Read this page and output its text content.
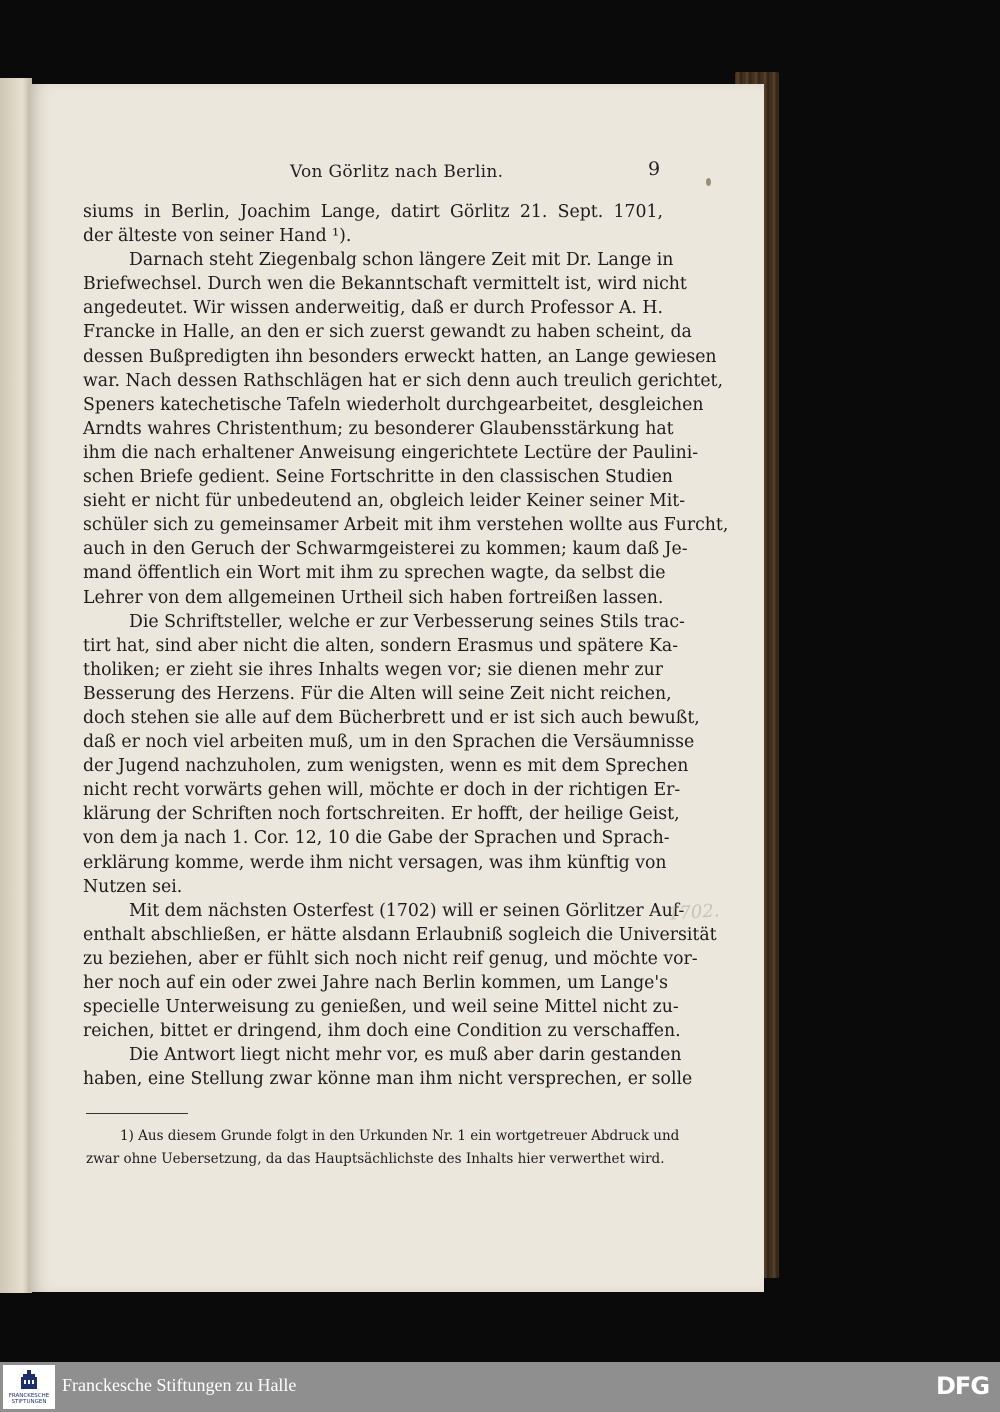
Von Görlitz nach Berlin.	9
siums in Berlin, Joachim Lange, datirt Görlitz 21. Sept. 1701,
der älteste von seiner Hand ¹).
Darnach steht Ziegenbalg schon längere Zeit mit Dr. Lange in
Briefwechsel. Durch wen die Bekanntschaft vermittelt ist, wird nicht
angedeutet. Wir wissen anderweitig, daß er durch Professor A. H.
Francke in Halle, an den er sich zuerst gewandt zu haben scheint, da
dessen Bußpredigten ihn besonders erweckt hatten, an Lange gewiesen
war. Nach dessen Rathschlägen hat er sich denn auch treulich gerichtet,
Speners katechetische Tafeln wiederholt durchgearbeitet, desgleichen
Arndts wahres Christenthum; zu besonderer Glaubensstärkung hat
ihm die nach erhaltener Anweisung eingerichtete Lectüre der Paulini-
schen Briefe gedient. Seine Fortschritte in den classischen Studien
sieht er nicht für unbedeutend an, obgleich leider Keiner seiner Mit-
schüler sich zu gemeinsamer Arbeit mit ihm verstehen wollte aus Furcht,
auch in den Geruch der Schwarmgeisterei zu kommen; kaum daß Je-
mand öffentlich ein Wort mit ihm zu sprechen wagte, da selbst die
Lehrer von dem allgemeinen Urtheil sich haben fortreißen lassen.
Die Schriftsteller, welche er zur Verbesserung seines Stils trac-
tirt hat, sind aber nicht die alten, sondern Erasmus und spätere Ka-
tholiken; er zieht sie ihres Inhalts wegen vor; sie dienen mehr zur
Besserung des Herzens. Für die Alten will seine Zeit nicht reichen,
doch stehen sie alle auf dem Bücherbrett und er ist sich auch bewußt,
daß er noch viel arbeiten muß, um in den Sprachen die Versäumnisse
der Jugend nachzuholen, zum wenigsten, wenn es mit dem Sprechen
nicht recht vorwärts gehen will, möchte er doch in der richtigen Er-
klärung der Schriften noch fortschreiten. Er hofft, der heilige Geist,
von dem ja nach 1. Cor. 12, 10 die Gabe der Sprachen und Sprach-
erklärung komme, werde ihm nicht versagen, was ihm künftig von
Nutzen sei.
Mit dem nächsten Osterfest (1702) will er seinen Görlitzer Auf-
enthalt abschließen, er hätte alsdann Erlaubniß sogleich die Universität
zu beziehen, aber er fühlt sich noch nicht reif genug, und möchte vor-
her noch auf ein oder zwei Jahre nach Berlin kommen, um Lange's
specielle Unterweisung zu genießen, und weil seine Mittel nicht zu-
reichen, bittet er dringend, ihm doch eine Condition zu verschaffen.
Die Antwort liegt nicht mehr vor, es muß aber darin gestanden
haben, eine Stellung zwar könne man ihm nicht versprechen, er solle
1) Aus diesem Grunde folgt in den Urkunden Nr. 1 ein wortgetreuer Abdruck und
zwar ohne Uebersetzung, da das Hauptsächlichste des Inhalts hier verwerthet wird.
1702.
FRANCKESCHE
STIFTUNGEN
Franckesche Stiftungen zu Halle	DFG
